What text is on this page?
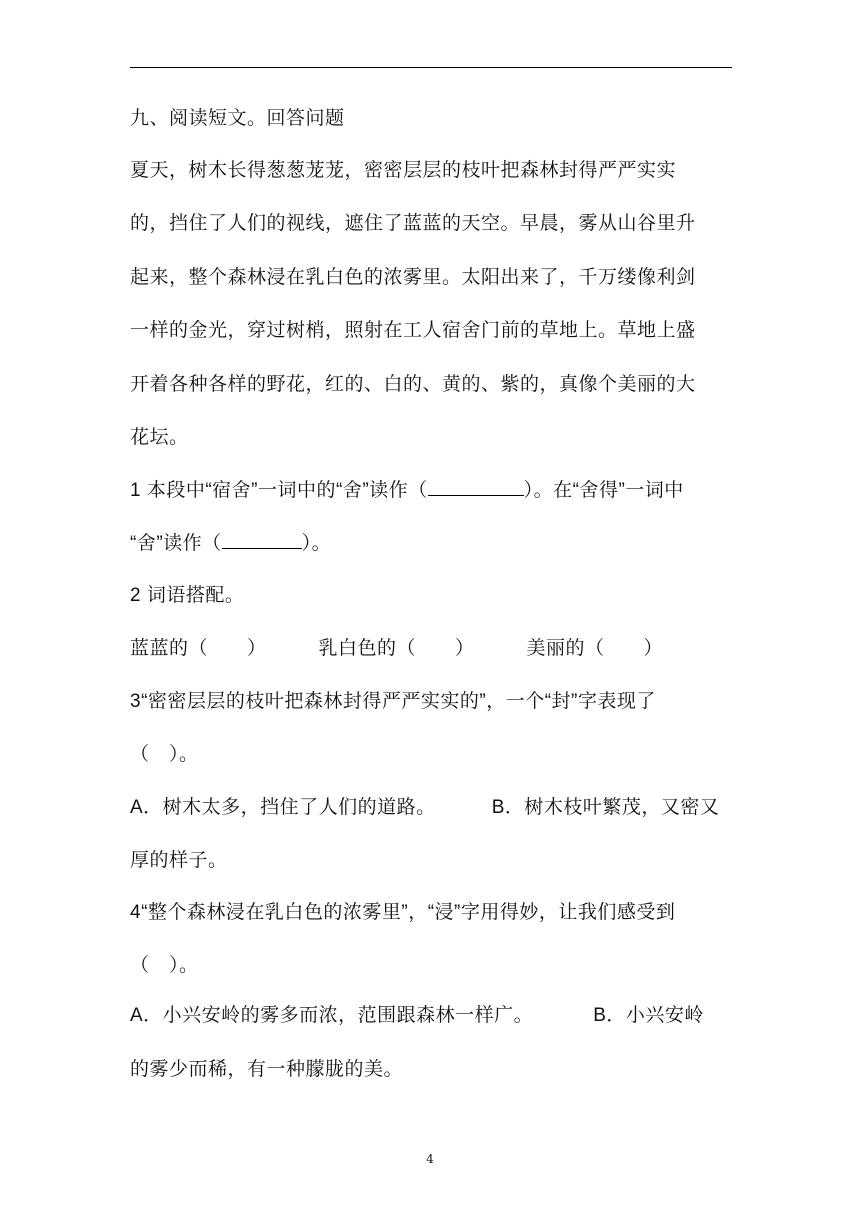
九、阅读短文。回答问题
夏天，树木长得葱葱茏茏，密密层层的枝叶把森林封得严严实实
的，挡住了人们的视线，遮住了蓝蓝的天空。早晨，雾从山谷里升
起来，整个森林浸在乳白色的浓雾里。太阳出来了，千万缕像利剑
一样的金光，穿过树梢，照射在工人宿舍门前的草地上。草地上盛
开着各种各样的野花，红的、白的、黄的、紫的，真像个美丽的大
花坛。
1 本段中“宿舍”一词中的“舍”读作（	）。在“舍得”一词中
“舍”读作（	）。
2 词语搭配。
蓝蓝的（　　）	乳白色的（　　）	美丽的（　　）
3“密密层层的枝叶把森林封得严严实实的”，一个“封”字表现了
（　）。
A．树木太多，挡住了人们的道路。	B．树木枝叶繁茂，又密又
厚的样子。
4“整个森林浸在乳白色的浓雾里”，“浸”字用得妙，让我们感受到
（　）。
A．小兴安岭的雾多而浓，范围跟森林一样广。	B．小兴安岭
的雾少而稀，有一种朦胧的美。
4
